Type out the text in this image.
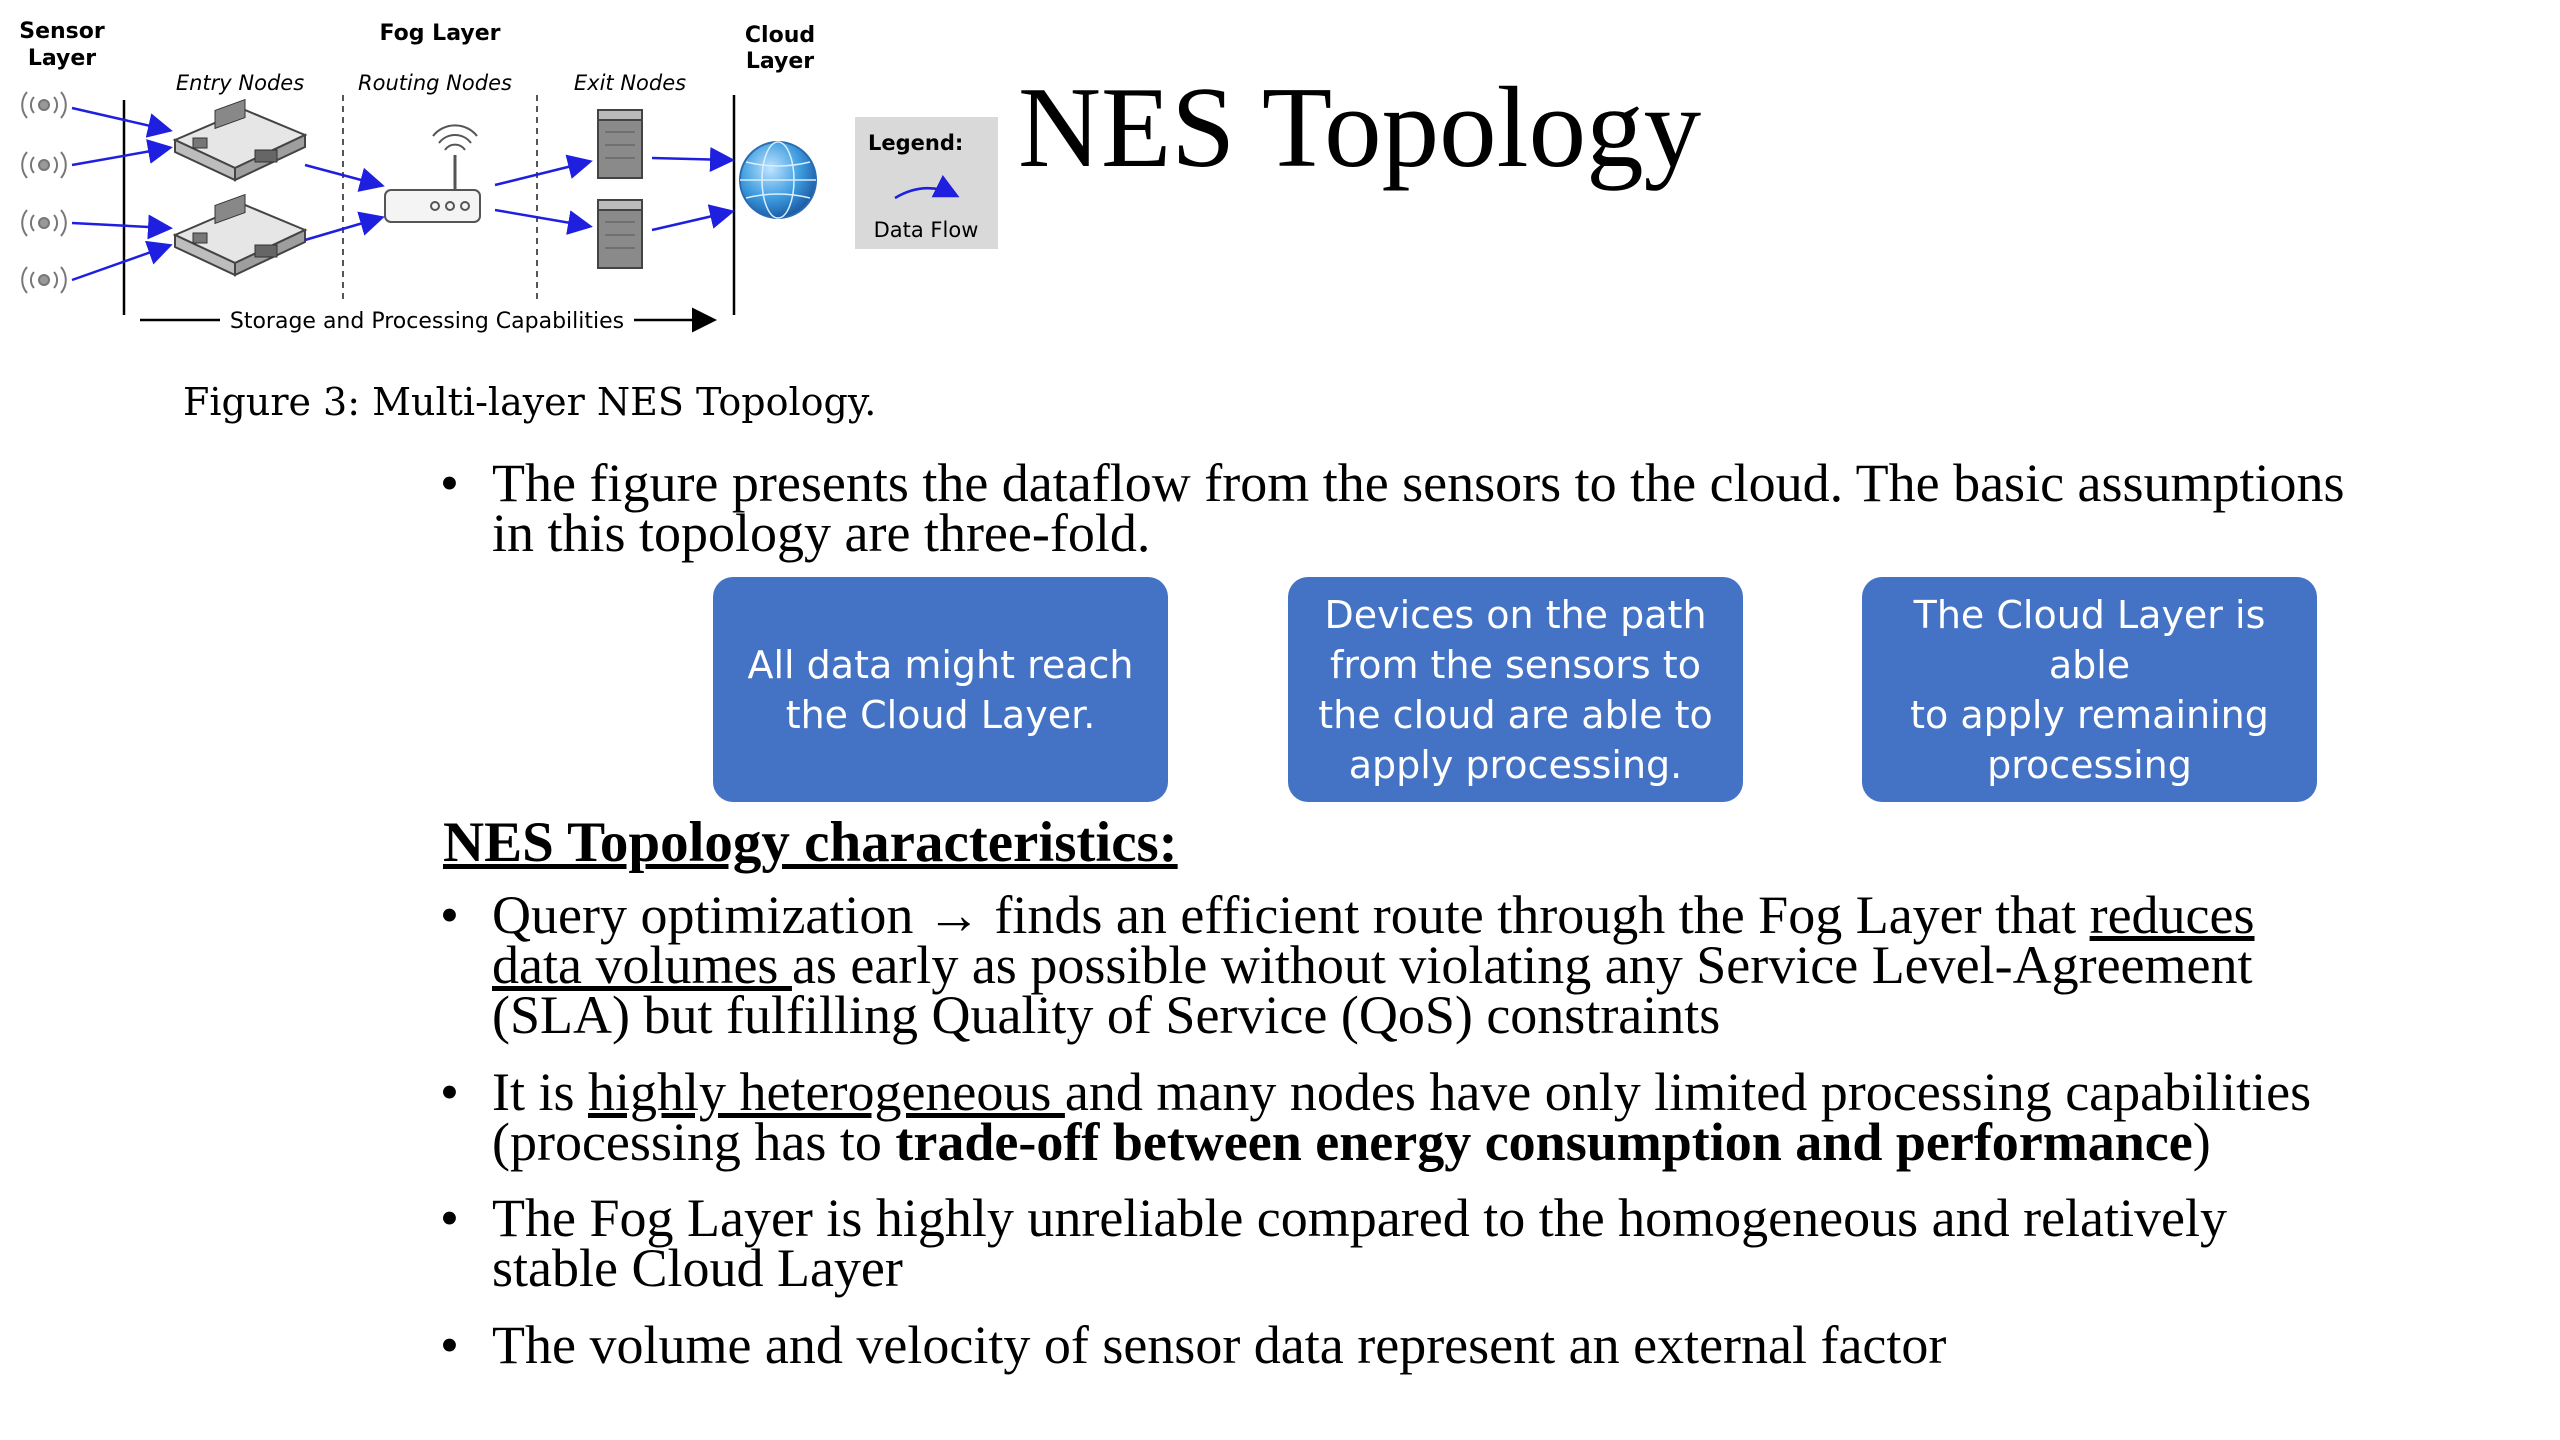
Sensor
Layer
Fog Layer	Cloud
Layer
Entry Nodes	Routing Nodes	Exit Nodes
Storage and Processing Capabilities
Legend:
Data Flow
Figure 3: Multi-layer NES Topology.
NES Topology
• The figure presents the dataflow from the sensors to the cloud. The basic assumptions
in this topology are three-fold.
All data might reach
the Cloud Layer.
Devices on the path
from the sensors to
the cloud are able to
apply processing.
The Cloud Layer is able
to apply remaining
processing
NES Topology characteristics:
• Query optimization → finds an efficient route through the Fog Layer that reduces
data volumes as early as possible without violating any Service Level-Agreement
(SLA) but fulfilling Quality of Service (QoS) constraints
• It is highly heterogeneous and many nodes have only limited processing capabilities
(processing has to trade-off between energy consumption and performance)
• The Fog Layer is highly unreliable compared to the homogeneous and relatively
stable Cloud Layer
• The volume and velocity of sensor data represent an external factor
